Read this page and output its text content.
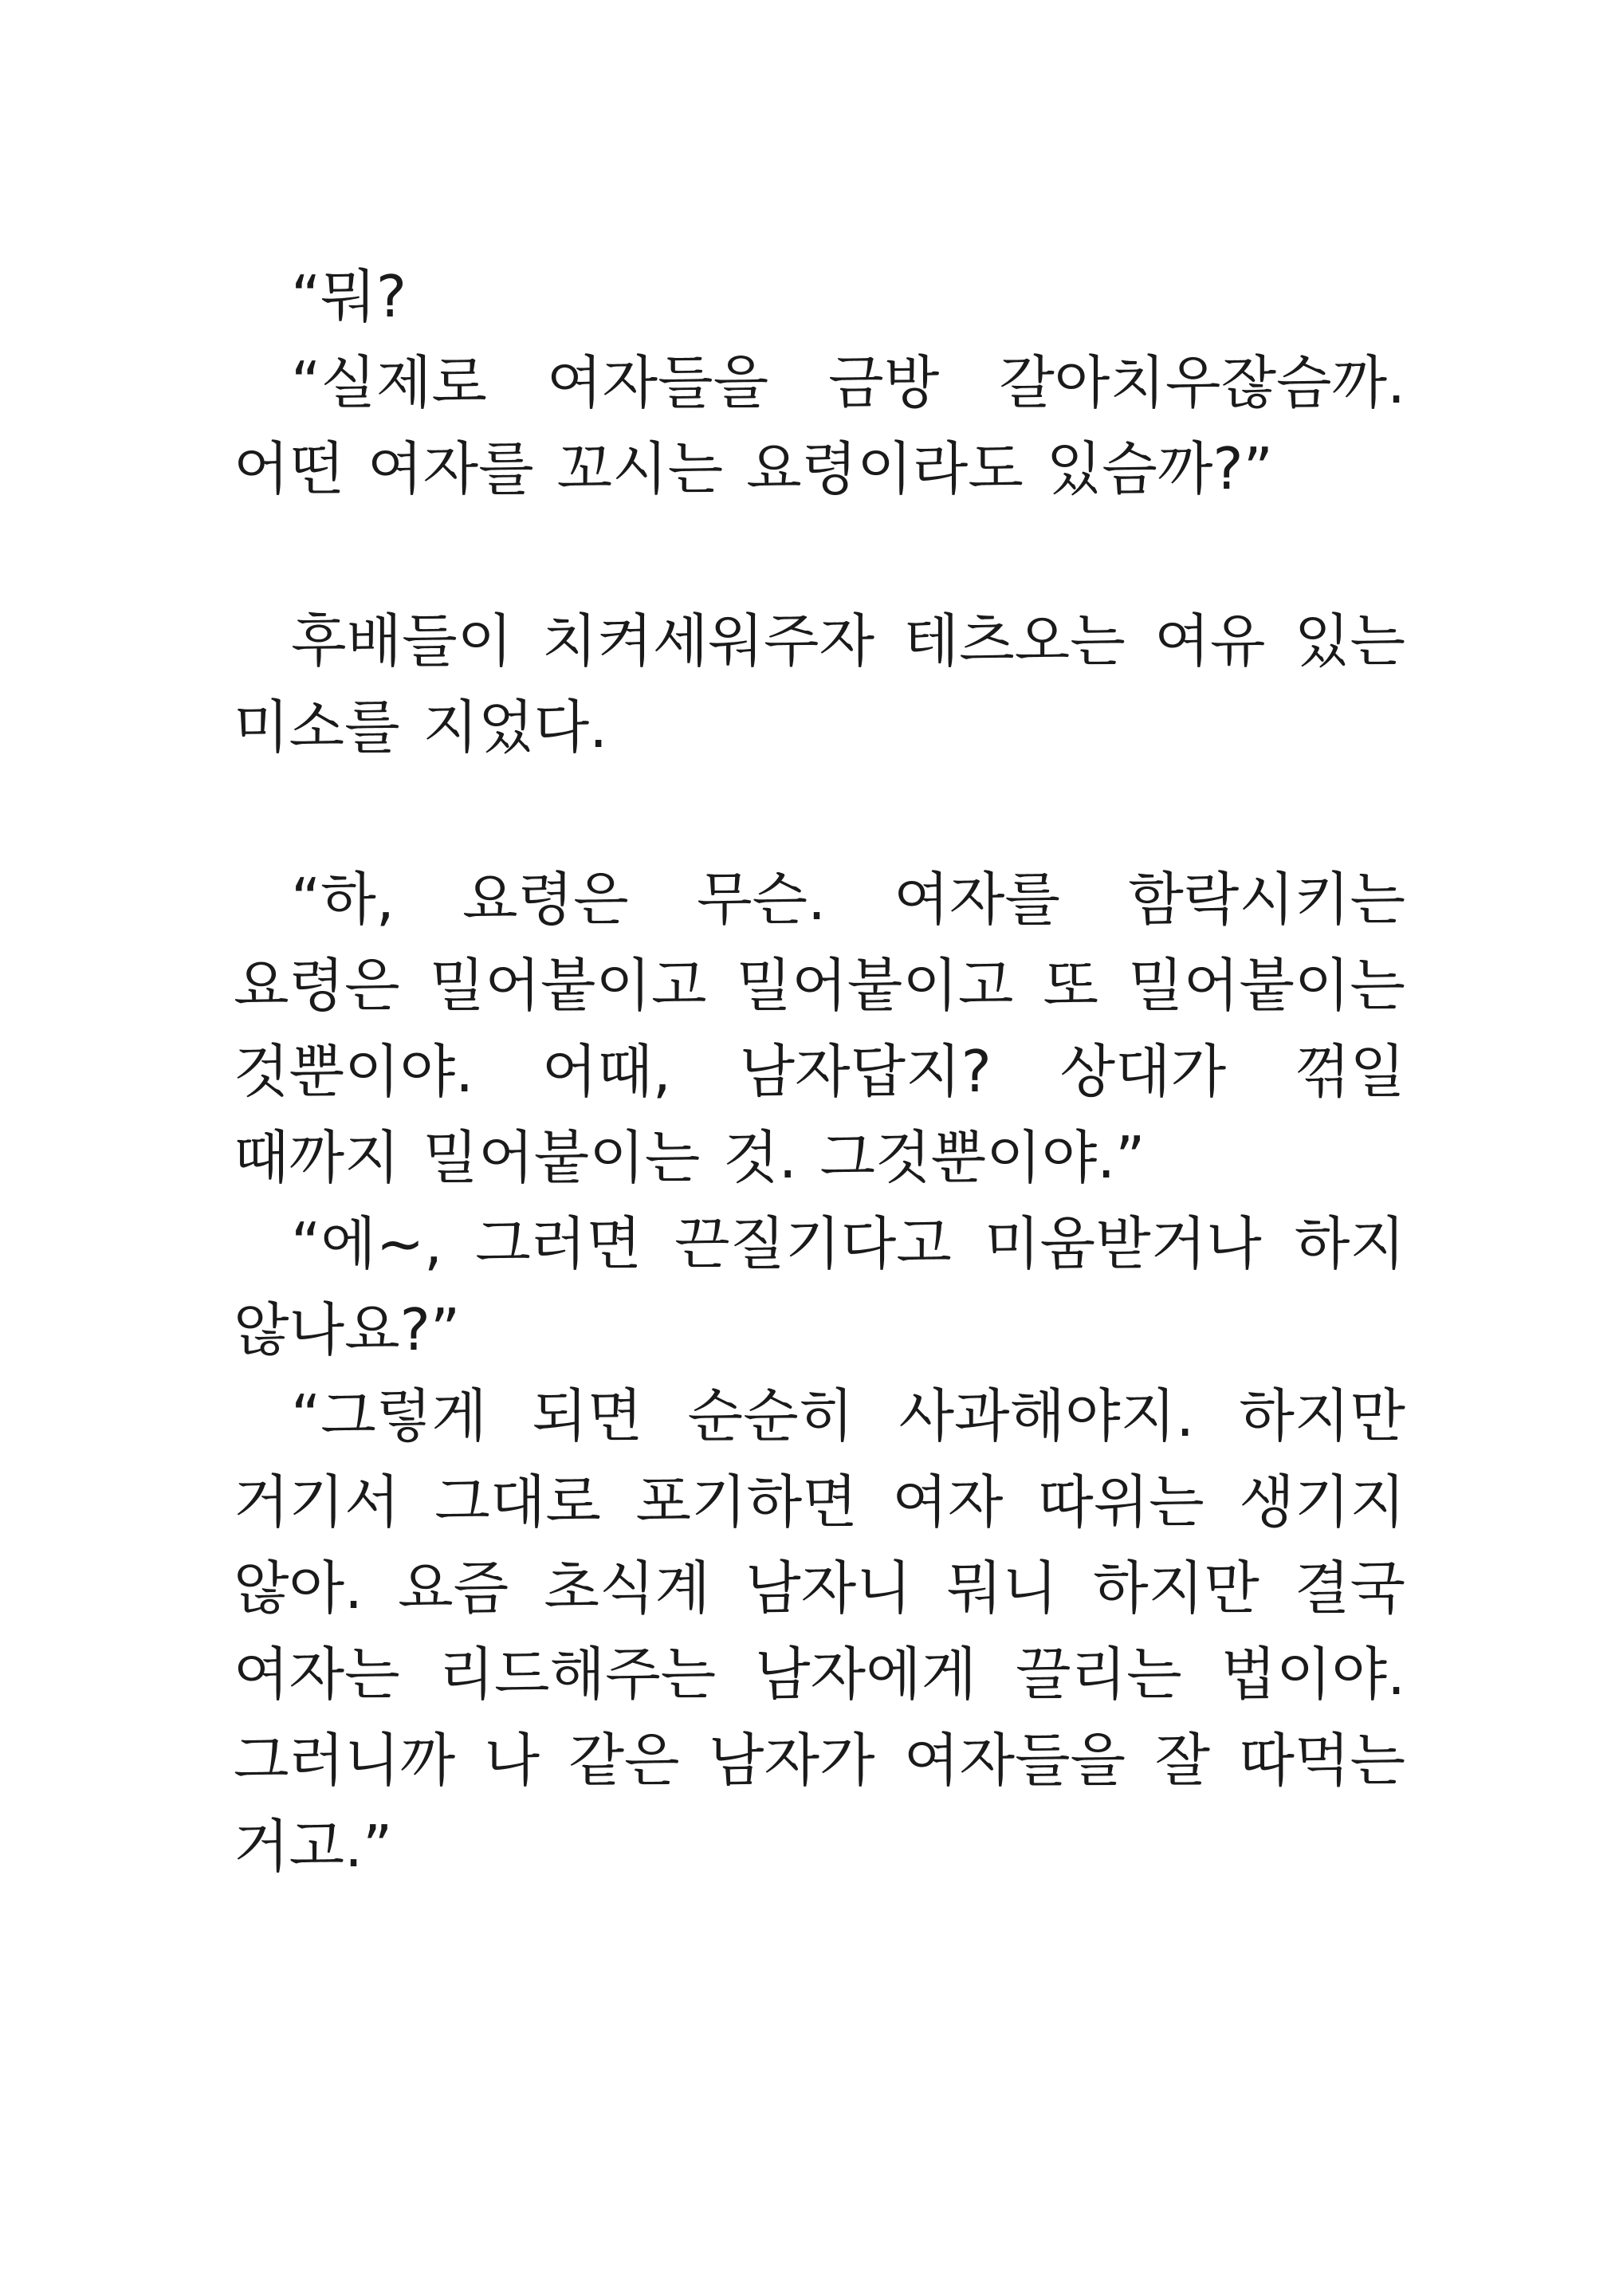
“뭐?

“실제로 여자들을 금방 갈아치우잖슴까. 어떤 여자를 꼬시는 요령이라도 있슴까?”

후배들이 치켜세워주자 테츠오는 여유 있는 미소를 지었다.

“하, 요령은 무슨. 여자를 함락시키는 요령은 밀어붙이고 밀어붙이고 또 밀어붙이는 것뿐이야. 어때, 남자답지? 상대가 꺾일 때까지 밀어붙이는 것. 그것뿐이야.”

“에~, 그러면 끈질기다고 미움받거나 하지 않나요?”

“그렇게 되면 순순히 사과해야지. 하지만 거기서 그대로 포기하면 여자 따위는 생기지 않아. 요즘 초식계 남자니 뭐니 하지만 결국 여자는 리드해주는 남자에게 끌리는 법이야. 그러니까 나 같은 남자가 여자들을 잘 따먹는 거고.”
